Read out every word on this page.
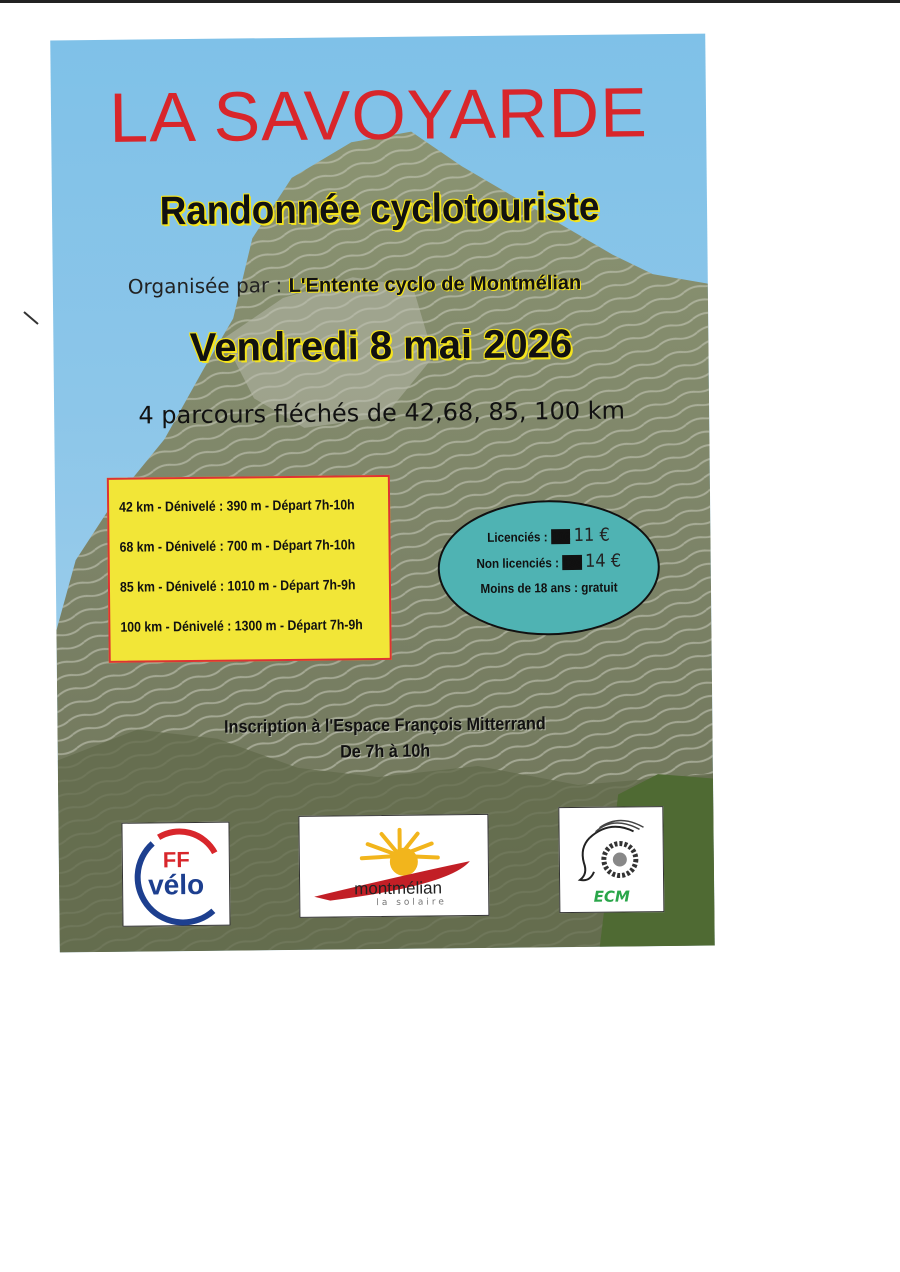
LA SAVOYARDE
Randonnée cyclotouriste
Organisée par : L'Entente cyclo de Montmélian
Vendredi 8 mai 2026
4 parcours fléchés de 42,68, 85, 100 km
42 km - Dénivelé : 390 m - Départ 7h-10h
68 km - Dénivelé : 700 m - Départ 7h-10h
85 km - Dénivelé : 1010 m - Départ 7h-9h
100 km - Dénivelé : 1300 m - Départ 7h-9h
Licenciés : 10€ 11 €
Non licenciés : 13€ 14 €
Moins de 18 ans : gratuit
Inscription à l'Espace François Mitterrand
De 7h à 10h
FF
vélo	montmélian
la solaire	ECM
